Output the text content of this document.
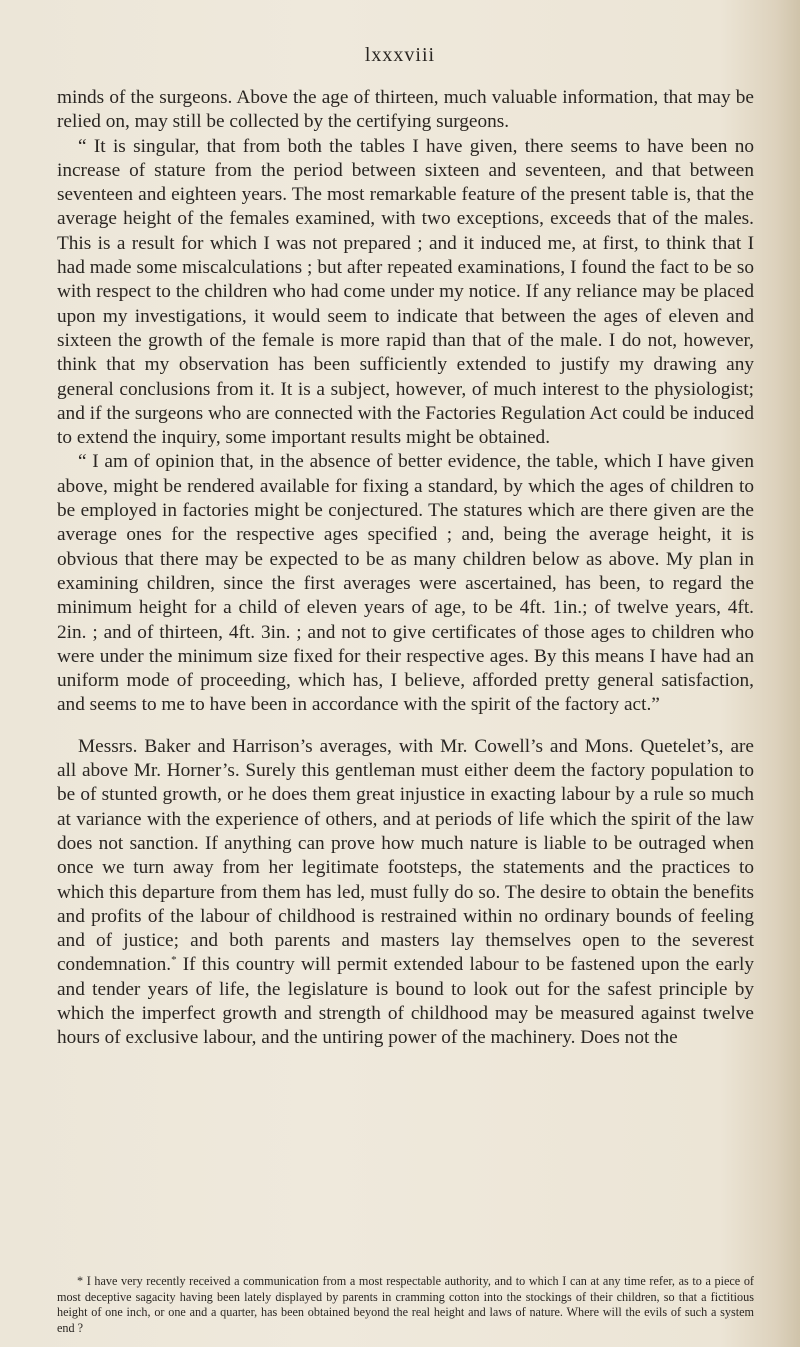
lxxxviii

minds of the surgeons. Above the age of thirteen, much valuable information, that may be relied on, may still be collected by the certifying surgeons.

“ It is singular, that from both the tables I have given, there seems to have been no increase of stature from the period between sixteen and seventeen, and that between seventeen and eighteen years. The most remarkable feature of the present table is, that the average height of the females examined, with two exceptions, exceeds that of the males. This is a result for which I was not prepared ; and it induced me, at first, to think that I had made some miscalculations ; but after repeated examinations, I found the fact to be so with respect to the children who had come under my notice. If any reliance may be placed upon my investigations, it would seem to indicate that between the ages of eleven and sixteen the growth of the female is more rapid than that of the male. I do not, however, think that my observation has been sufficiently extended to justify my drawing any general conclusions from it. It is a subject, however, of much interest to the physiologist; and if the surgeons who are connected with the Factories Regulation Act could be induced to extend the inquiry, some important results might be obtained.

“ I am of opinion that, in the absence of better evidence, the table, which I have given above, might be rendered available for fixing a standard, by which the ages of children to be employed in factories might be conjectured. The statures which are there given are the average ones for the respective ages specified ; and, being the average height, it is obvious that there may be expected to be as many children below as above. My plan in examining children, since the first averages were ascertained, has been, to regard the minimum height for a child of eleven years of age, to be 4ft. 1in.; of twelve years, 4ft. 2in. ; and of thirteen, 4ft. 3in. ; and not to give certificates of those ages to children who were under the minimum size fixed for their respective ages. By this means I have had an uniform mode of proceeding, which has, I believe, afforded pretty general satisfaction, and seems to me to have been in accordance with the spirit of the factory act.”

Messrs. Baker and Harrison’s averages, with Mr. Cowell’s and Mons. Quetelet’s, are all above Mr. Horner’s. Surely this gentleman must either deem the factory population to be of stunted growth, or he does them great injustice in exacting labour by a rule so much at variance with the experience of others, and at periods of life which the spirit of the law does not sanction. If anything can prove how much nature is liable to be outraged when once we turn away from her legitimate footsteps, the statements and the practices to which this departure from them has led, must fully do so. The desire to obtain the benefits and profits of the labour of childhood is restrained within no ordinary bounds of feeling and of justice; and both parents and masters lay themselves open to the severest condemnation.* If this country will permit extended labour to be fastened upon the early and tender years of life, the legislature is bound to look out for the safest principle by which the imperfect growth and strength of childhood may be measured against twelve hours of exclusive labour, and the untiring power of the machinery. Does not the

* I have very recently received a communication from a most respectable authority, and to which I can at any time refer, as to a piece of most deceptive sagacity having been lately displayed by parents in cramming cotton into the stockings of their children, so that a fictitious height of one inch, or one and a quarter, has been obtained beyond the real height and laws of nature. Where will the evils of such a system end ?
